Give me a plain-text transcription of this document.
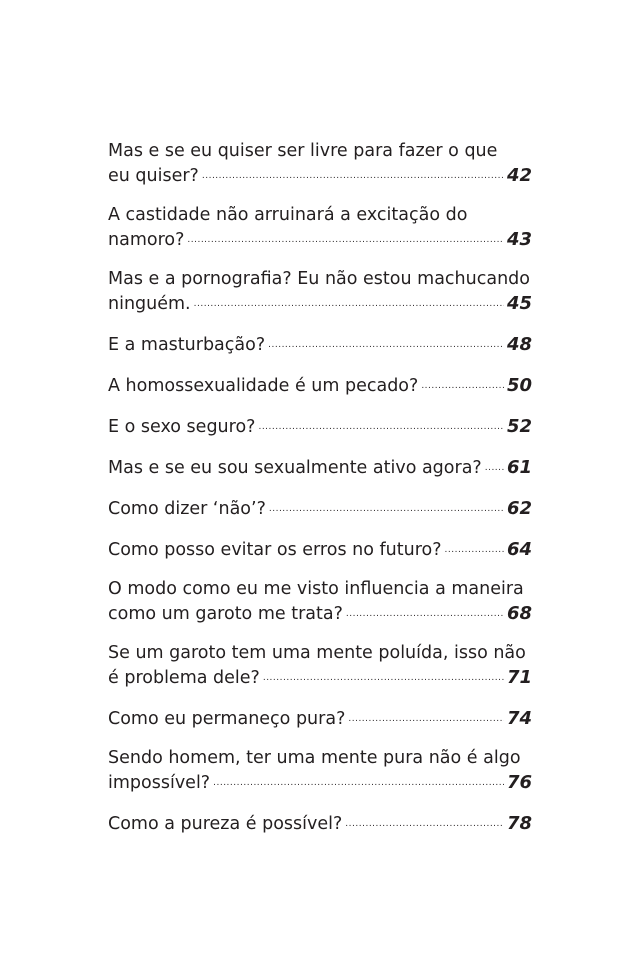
Mas e se eu quiser ser livre para fazer o que
eu quiser? .....	42
A castidade não arruinará a excitação do
namoro? .....	43
Mas e a pornografia? Eu não estou machucando
ninguém. .....	45
E a masturbação? .....	48
A homossexualidade é um pecado? .....	50
E o sexo seguro? .....	52
Mas e se eu sou sexualmente ativo agora? ..... 61
Como dizer ‘não’? .....	62
Como posso evitar os erros no futuro? .....	64
O modo como eu me visto influencia a maneira
como um garoto me trata? .....	68
Se um garoto tem uma mente poluída, isso não
é problema dele? .....	71
Como eu permaneço pura? .....	74
Sendo homem, ter uma mente pura não é algo
impossível? .....	76
Como a pureza é possível? .....	78
